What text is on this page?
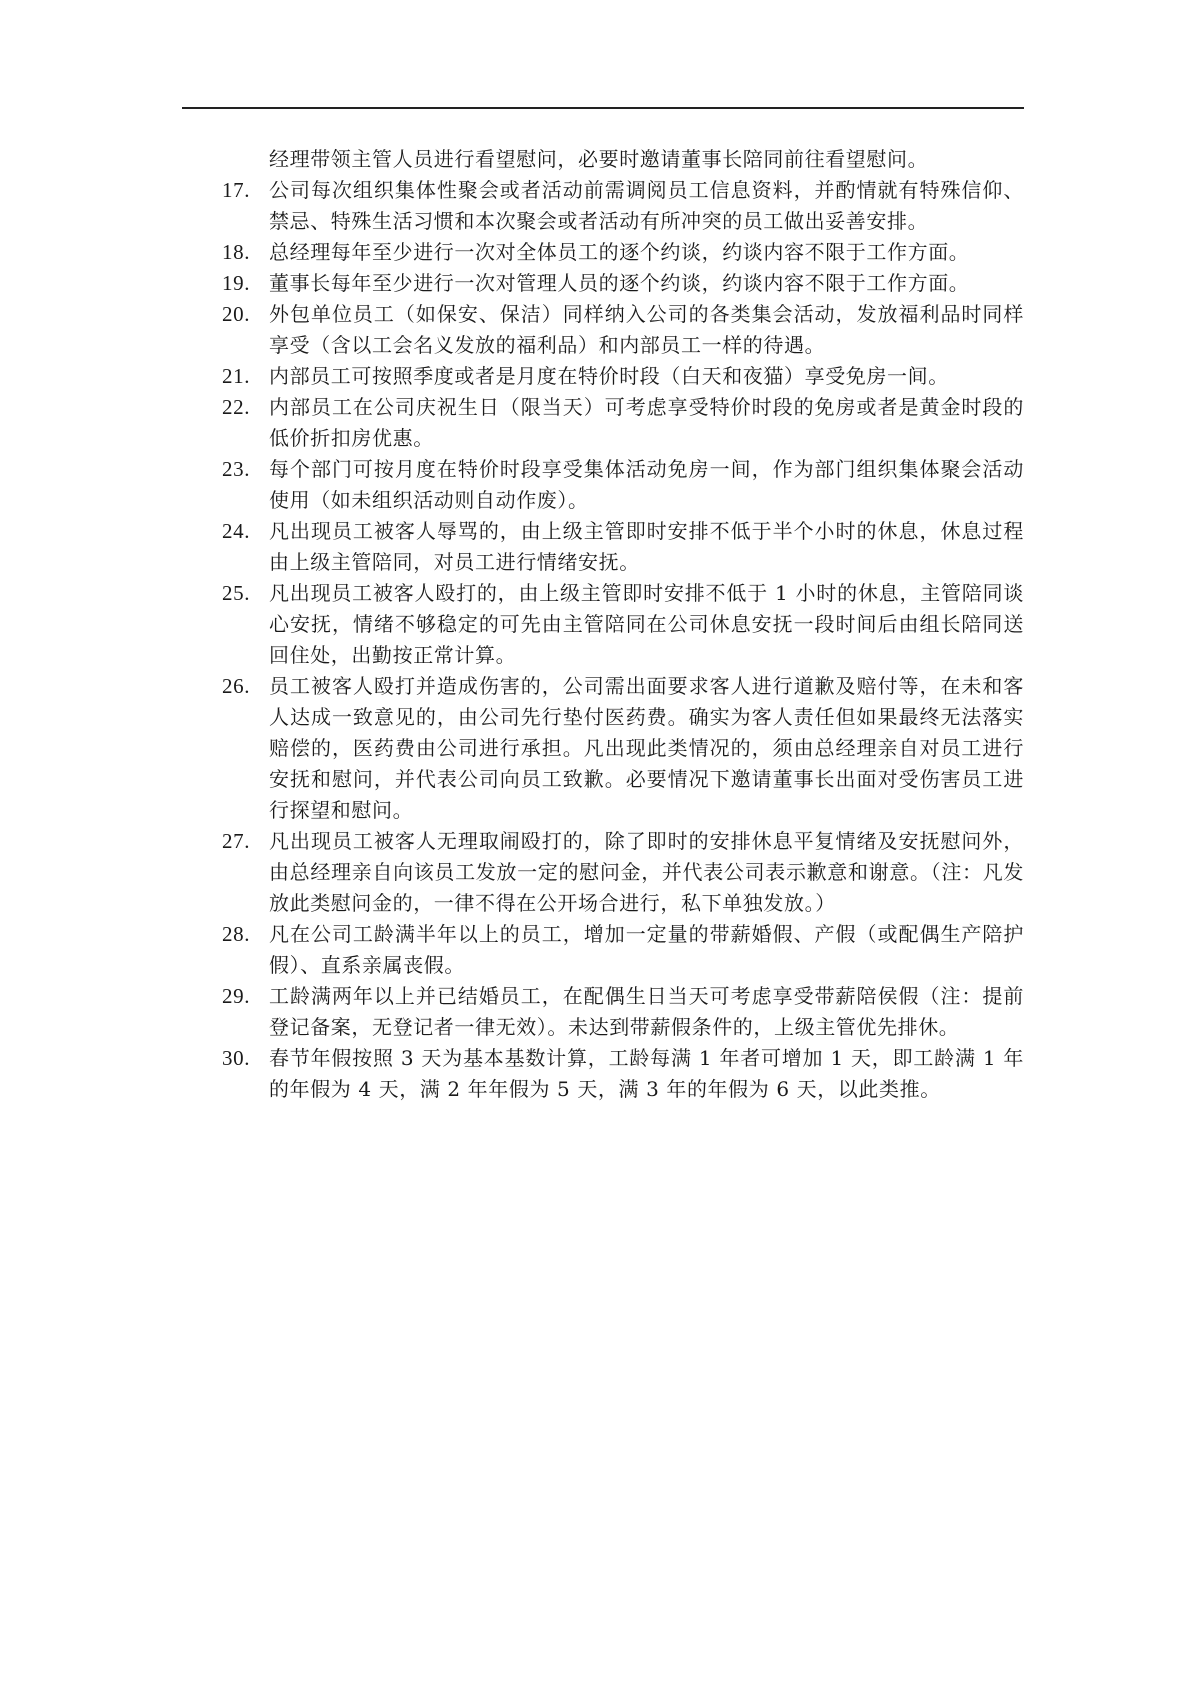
经理带领主管人员进行看望慰问，必要时邀请董事长陪同前往看望慰问。

17. 公司每次组织集体性聚会或者活动前需调阅员工信息资料，并酌情就有特殊信仰、禁忌、特殊生活习惯和本次聚会或者活动有所冲突的员工做出妥善安排。
18. 总经理每年至少进行一次对全体员工的逐个约谈，约谈内容不限于工作方面。
19. 董事长每年至少进行一次对管理人员的逐个约谈，约谈内容不限于工作方面。
20. 外包单位员工（如保安、保洁）同样纳入公司的各类集会活动，发放福利品时同样享受（含以工会名义发放的福利品）和内部员工一样的待遇。
21. 内部员工可按照季度或者是月度在特价时段（白天和夜猫）享受免房一间。
22. 内部员工在公司庆祝生日（限当天）可考虑享受特价时段的免房或者是黄金时段的低价折扣房优惠。
23. 每个部门可按月度在特价时段享受集体活动免房一间，作为部门组织集体聚会活动使用（如未组织活动则自动作废）。
24. 凡出现员工被客人辱骂的，由上级主管即时安排不低于半个小时的休息，休息过程由上级主管陪同，对员工进行情绪安抚。
25. 凡出现员工被客人殴打的，由上级主管即时安排不低于 1 小时的休息，主管陪同谈心安抚，情绪不够稳定的可先由主管陪同在公司休息安抚一段时间后由组长陪同送回住处，出勤按正常计算。
26. 员工被客人殴打并造成伤害的，公司需出面要求客人进行道歉及赔付等，在未和客人达成一致意见的，由公司先行垫付医药费。确实为客人责任但如果最终无法落实赔偿的，医药费由公司进行承担。凡出现此类情况的，须由总经理亲自对员工进行安抚和慰问，并代表公司向员工致歉。必要情况下邀请董事长出面对受伤害员工进行探望和慰问。
27. 凡出现员工被客人无理取闹殴打的，除了即时的安排休息平复情绪及安抚慰问外，由总经理亲自向该员工发放一定的慰问金，并代表公司表示歉意和谢意。（注：凡发放此类慰问金的，一律不得在公开场合进行，私下单独发放。）
28. 凡在公司工龄满半年以上的员工，增加一定量的带薪婚假、产假（或配偶生产陪护假）、直系亲属丧假。
29. 工龄满两年以上并已结婚员工，在配偶生日当天可考虑享受带薪陪侯假（注：提前登记备案，无登记者一律无效）。未达到带薪假条件的，上级主管优先排休。
30. 春节年假按照 3 天为基本基数计算，工龄每满 1 年者可增加 1 天，即工龄满 1 年的年假为 4 天，满 2 年年假为 5 天，满 3 年的年假为 6 天，以此类推。
